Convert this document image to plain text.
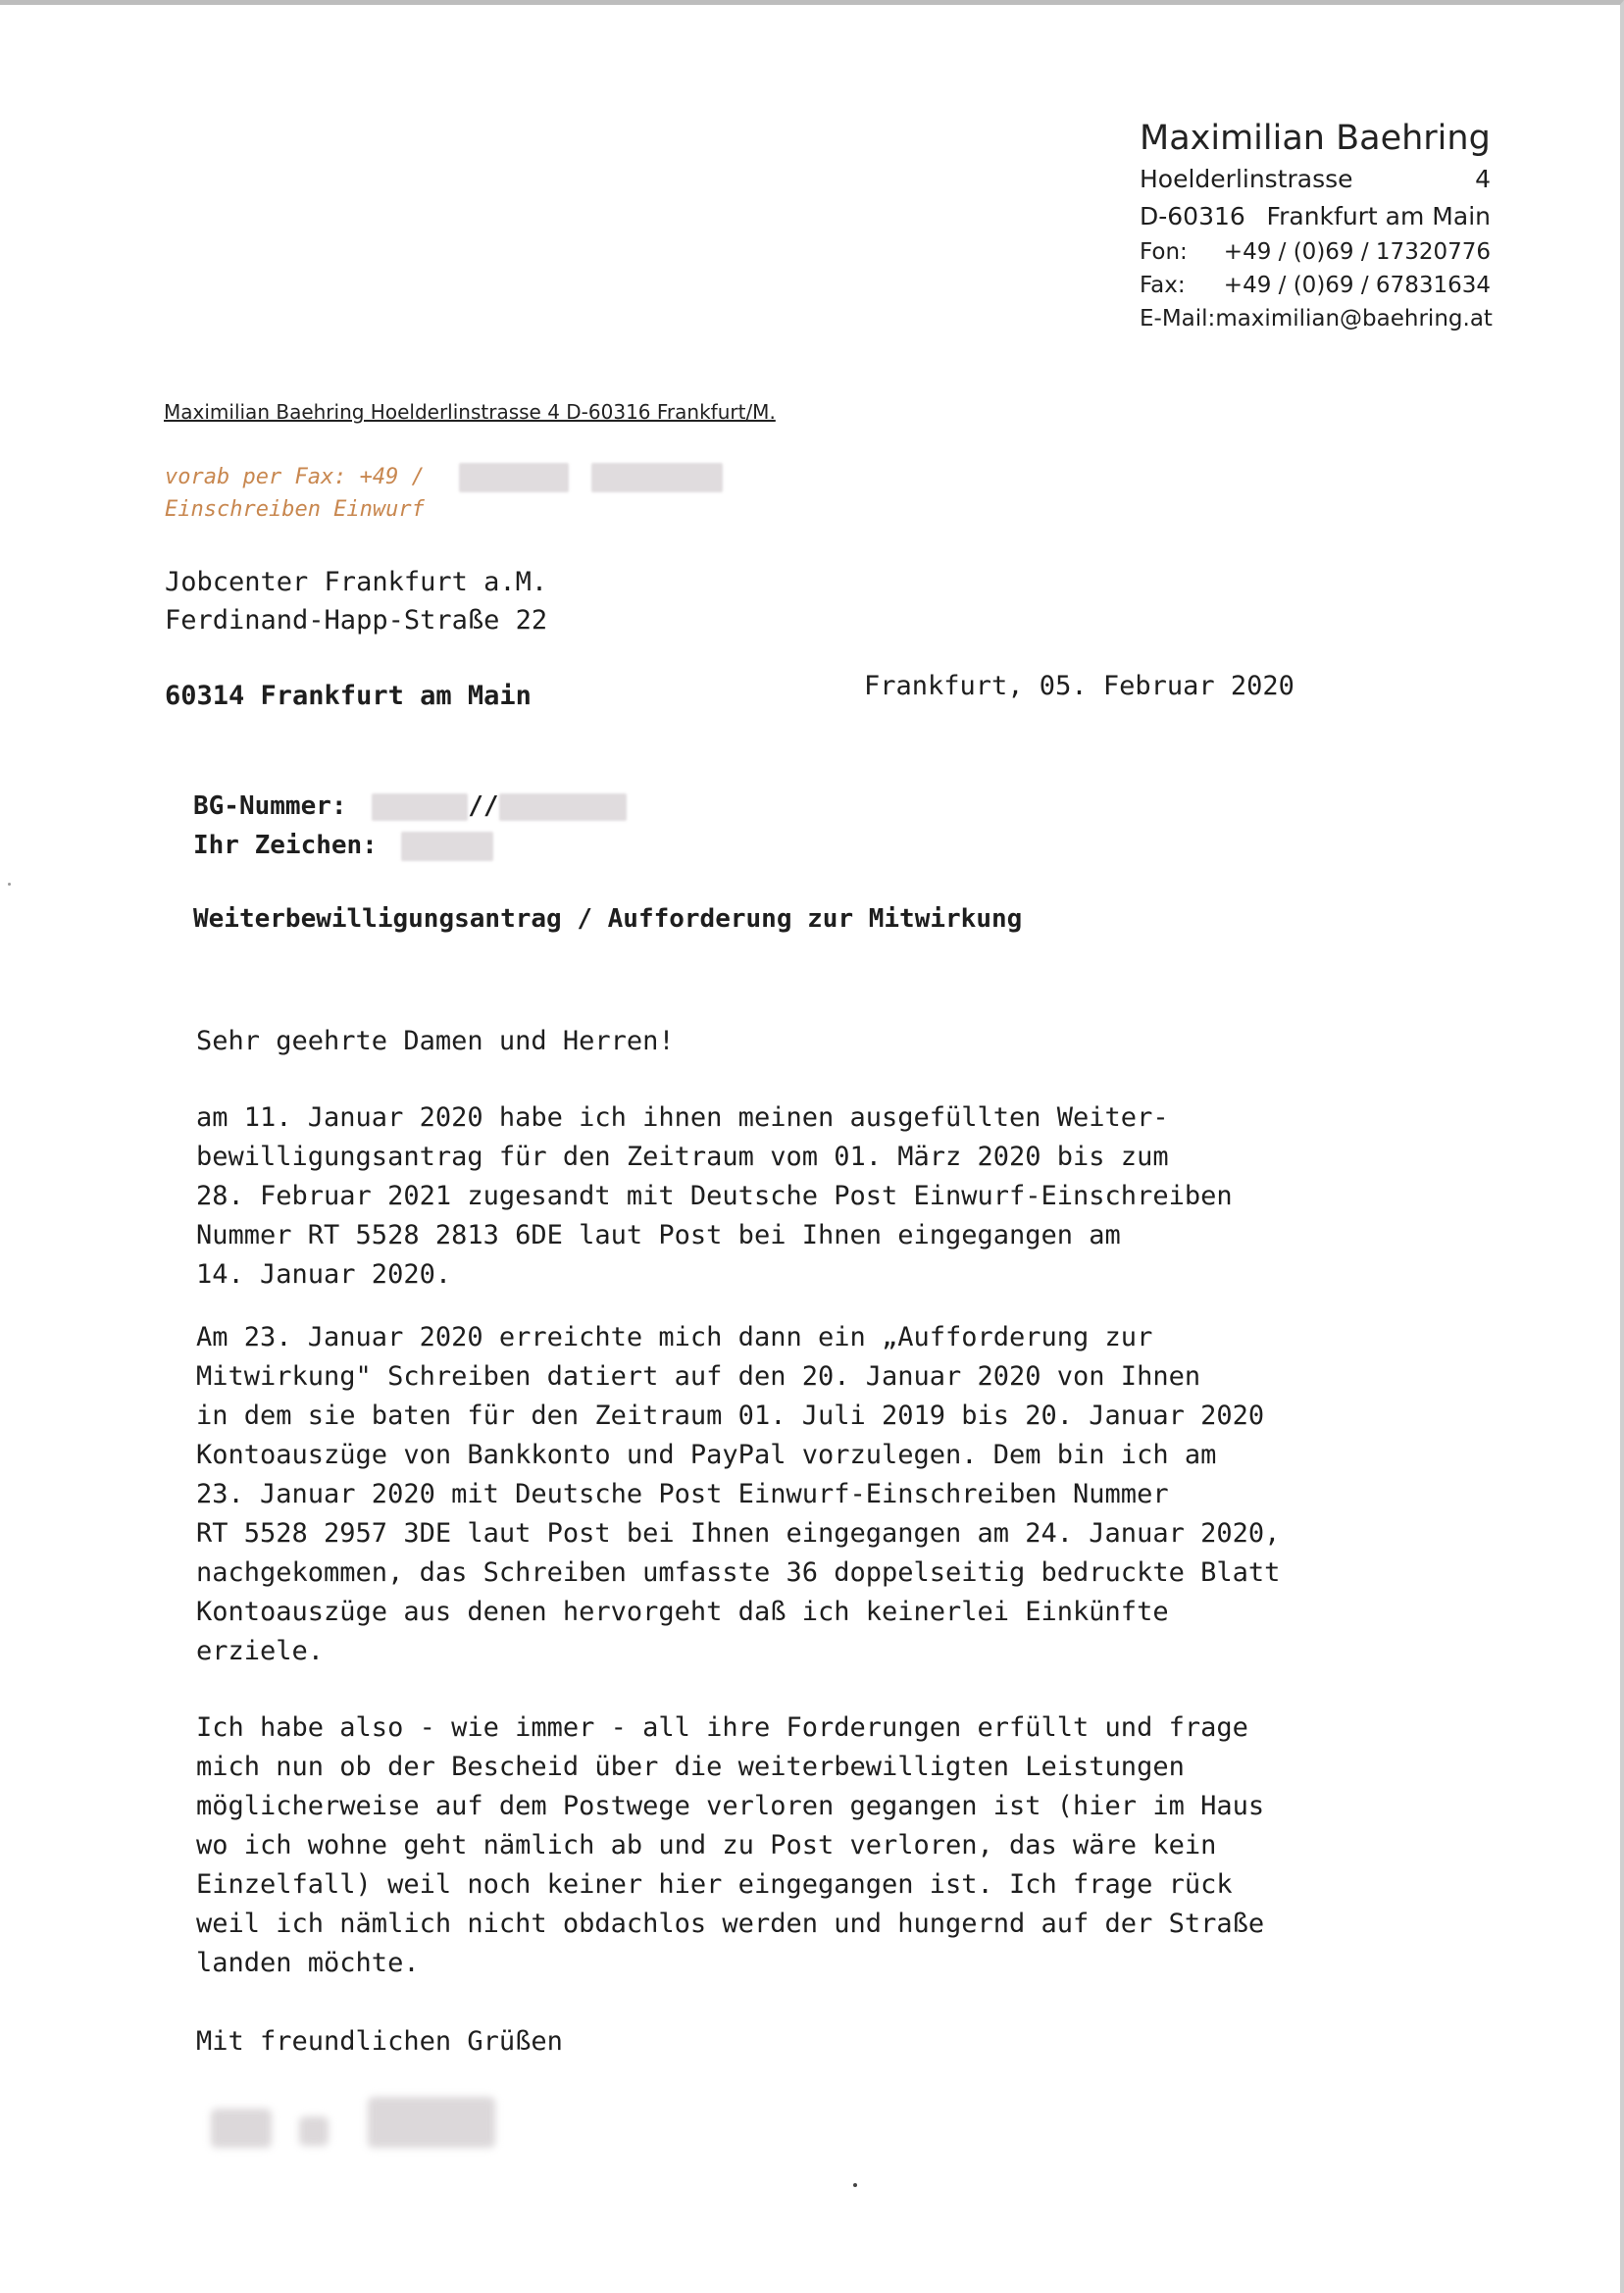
Maximilian Baehring
Hoelderlinstrasse	4
D-60316 Frankfurt am Main
Fon: +49 / (0)69 / 17320776
Fax: +49 / (0)69 / 67831634
E-Mail: maximilian@baehring.at
Maximilian Baehring Hoelderlinstrasse 4 D-60316 Frankfurt/M.
vorab per Fax: +49 /
Einschreiben Einwurf
Jobcenter Frankfurt a.M.
Ferdinand-Happ-Straße 22
60314 Frankfurt am Main	Frankfurt, 05. Februar 2020
BG-Nummer:	//
Ihr Zeichen:
Weiterbewilligungsantrag / Aufforderung zur Mitwirkung
Sehr geehrte Damen und Herren!
am 11. Januar 2020 habe ich ihnen meinen ausgefüllten Weiter-
bewilligungsantrag für den Zeitraum vom 01. März 2020 bis zum
28. Februar 2021 zugesandt mit Deutsche Post Einwurf-Einschreiben
Nummer RT 5528 2813 6DE laut Post bei Ihnen eingegangen am
14. Januar 2020.
Am 23. Januar 2020 erreichte mich dann ein „Aufforderung zur
Mitwirkung" Schreiben datiert auf den 20. Januar 2020 von Ihnen
in dem sie baten für den Zeitraum 01. Juli 2019 bis 20. Januar 2020
Kontoauszüge von Bankkonto und PayPal vorzulegen. Dem bin ich am
23. Januar 2020 mit Deutsche Post Einwurf-Einschreiben Nummer
RT 5528 2957 3DE laut Post bei Ihnen eingegangen am 24. Januar 2020,
nachgekommen, das Schreiben umfasste 36 doppelseitig bedruckte Blatt
Kontoauszüge aus denen hervorgeht daß ich keinerlei Einkünfte
erziele.
Ich habe also - wie immer - all ihre Forderungen erfüllt und frage
mich nun ob der Bescheid über die weiterbewilligten Leistungen
möglicherweise auf dem Postwege verloren gegangen ist (hier im Haus
wo ich wohne geht nämlich ab und zu Post verloren, das wäre kein
Einzelfall) weil noch keiner hier eingegangen ist. Ich frage rück
weil ich nämlich nicht obdachlos werden und hungernd auf der Straße
landen möchte.
Mit freundlichen Grüßen
